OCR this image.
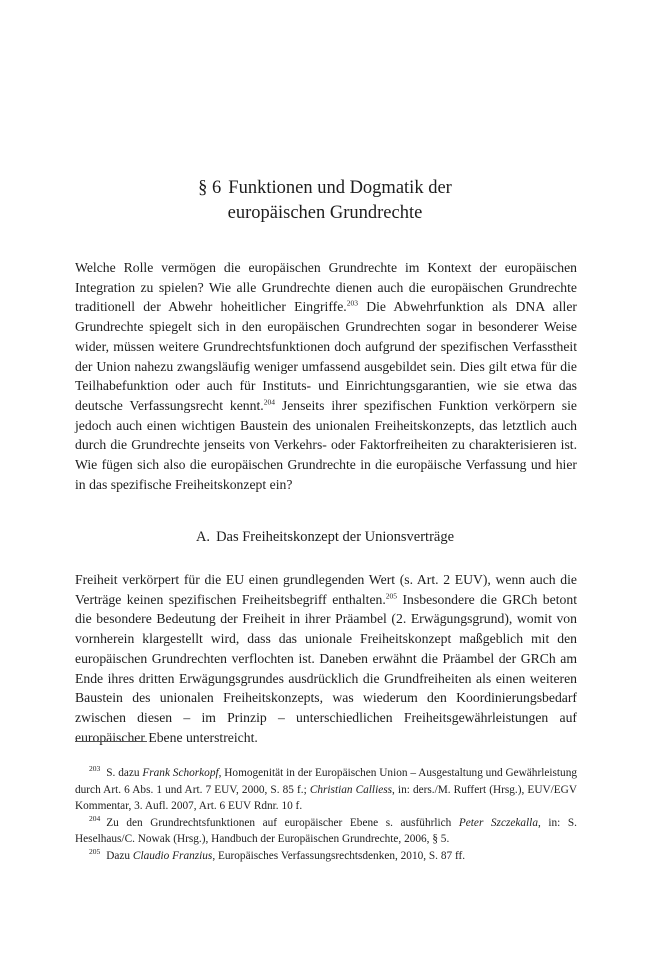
§ 6 Funktionen und Dogmatik der
europäischen Grundrechte

Welche Rolle vermögen die europäischen Grundrechte im Kontext der europäischen Integration zu spielen? Wie alle Grundrechte dienen auch die europäischen Grundrechte traditionell der Abwehr hoheitlicher Eingriffe.$^{203}$ Die Abwehrfunktion als DNA aller Grundrechte spiegelt sich in den europäischen Grundrechten sogar in besonderer Weise wider, müssen weitere Grundrechtsfunktionen doch aufgrund der spezifischen Verfasstheit der Union nahezu zwangsläufig weniger umfassend ausgebildet sein. Dies gilt etwa für die Teilhabefunktion oder auch für Instituts- und Einrichtungsgarantien, wie sie etwa das deutsche Verfassungsrecht kennt.$^{204}$ Jenseits ihrer spezifischen Funktion verkörpern sie jedoch auch einen wichtigen Baustein des unionalen Freiheitskonzepts, das letztlich auch durch die Grundrechte jenseits von Verkehrs- oder Faktorfreiheiten zu charakterisieren ist. Wie fügen sich also die europäischen Grundrechte in die europäische Verfassung und hier in das spezifische Freiheitskonzept ein?

A. Das Freiheitskonzept der Unionsverträge

Freiheit verkörpert für die EU einen grundlegenden Wert (s. Art. 2 EUV), wenn auch die Verträge keinen spezifischen Freiheitsbegriff enthalten.$^{205}$ Insbesondere die GRCh betont die besondere Bedeutung der Freiheit in ihrer Präambel (2. Erwägungsgrund), womit von vornherein klargestellt wird, dass das unionale Freiheitskonzept maßgeblich mit den europäischen Grundrechten verflochten ist. Daneben erwähnt die Präambel der GRCh am Ende ihres dritten Erwägungsgrundes ausdrücklich die Grundfreiheiten als einen weiteren Baustein des unionalen Freiheitskonzepts, was wiederum den Koordinierungsbedarf zwischen diesen – im Prinzip – unterschiedlichen Freiheitsgewährleistungen auf europäischer Ebene unterstreicht.

$^{203}$ S. dazu Frank Schorkopf, Homogenität in der Europäischen Union – Ausgestaltung und Gewährleistung durch Art. 6 Abs. 1 und Art. 7 EUV, 2000, S. 85 f.; Christian Calliess, in: ders./M. Ruffert (Hrsg.), EUV/EGV Kommentar, 3. Aufl. 2007, Art. 6 EUV Rdnr. 10 f.
$^{204}$ Zu den Grundrechtsfunktionen auf europäischer Ebene s. ausführlich Peter Szczekalla, in: S. Heselhaus/C. Nowak (Hrsg.), Handbuch der Europäischen Grundrechte, 2006, § 5.
$^{205}$ Dazu Claudio Franzius, Europäisches Verfassungsrechtsdenken, 2010, S. 87 ff.
